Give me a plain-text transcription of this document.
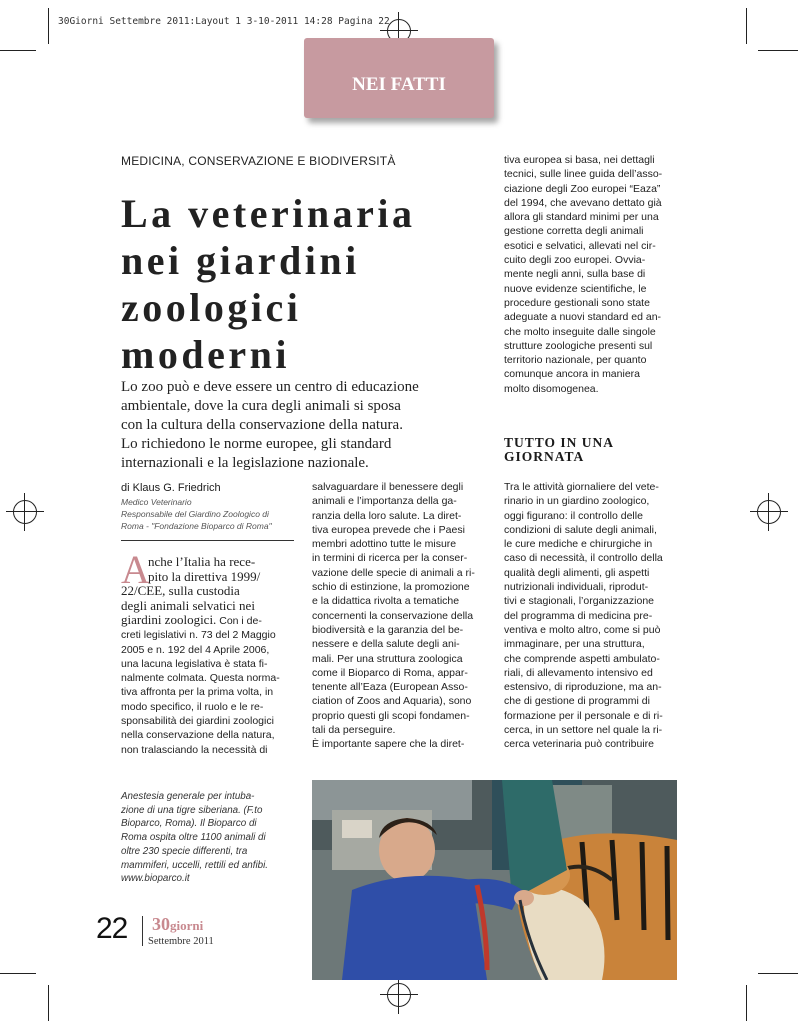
30Giorni Settembre 2011:Layout 1 3-10-2011 14:28 Pagina 22
NEI FATTI
MEDICINA, CONSERVAZIONE E BIODIVERSITÀ
La veterinaria
nei giardini
zoologici
moderni
Lo zoo può e deve essere un centro di educazione
ambientale, dove la cura degli animali si sposa
con la cultura della conservazione della natura.
Lo richiedono le norme europee, gli standard
internazionali e la legislazione nazionale.
di Klaus G. Friedrich
Medico Veterinario
Responsabile del Giardino Zoologico di
Roma - "Fondazione Bioparco di Roma"
A
nche l’Italia ha rece-
pito la direttiva 1999/
22/CEE, sulla custodia
degli animali selvatici nei
giardini zoologici. Con i de-
creti legislativi n. 73 del 2 Maggio
2005 e n. 192 del 4 Aprile 2006,
una lacuna legislativa è stata fi-
nalmente colmata. Questa norma-
tiva affronta per la prima volta, in
modo specifico, il ruolo e le re-
sponsabilità dei giardini zoologici
nella conservazione della natura,
non tralasciando la necessità di
salvaguardare il benessere degli
animali e l’importanza della ga-
ranzia della loro salute. La diret-
tiva europea prevede che i Paesi
membri adottino tutte le misure
in termini di ricerca per la conser-
vazione delle specie di animali a ri-
schio di estinzione, la promozione
e la didattica rivolta a tematiche
concernenti la conservazione della
biodiversità e la garanzia del be-
nessere e della salute degli ani-
mali. Per una struttura zoologica
come il Bioparco di Roma, appar-
tenente all’Eaza (European Asso-
ciation of Zoos and Aquaria), sono
proprio questi gli scopi fondamen-
tali da perseguire.
È importante sapere che la diret-
tiva europea si basa, nei dettagli
tecnici, sulle linee guida dell’asso-
ciazione degli Zoo europei “Eaza”
del 1994, che avevano dettato già
allora gli standard minimi per una
gestione corretta degli animali
esotici e selvatici, allevati nel cir-
cuito degli zoo europei. Ovvia-
mente negli anni, sulla base di
nuove evidenze scientifiche, le
procedure gestionali sono state
adeguate a nuovi standard ed an-
che molto inseguite dalle singole
strutture zoologiche presenti sul
territorio nazionale, per quanto
comunque ancora in maniera
molto disomogenea.
TUTTO IN UNA
GIORNATA
Tra le attività giornaliere del vete-
rinario in un giardino zoologico,
oggi figurano: il controllo delle
condizioni di salute degli animali,
le cure mediche e chirurgiche in
caso di necessità, il controllo della
qualità degli alimenti, gli aspetti
nutrizionali individuali, riprodut-
tivi e stagionali, l’organizzazione
del programma di medicina pre-
ventiva e molto altro, come si può
immaginare, per una struttura,
che comprende aspetti ambulato-
riali, di allevamento intensivo ed
estensivo, di riproduzione, ma an-
che di gestione di programmi di
formazione per il personale e di ri-
cerca, in un settore nel quale la ri-
cerca veterinaria può contribuire
Anestesia generale per intuba-
zione di una tigre siberiana. (F.to
Bioparco, Roma). Il Bioparco di
Roma ospita oltre 1100 animali di
oltre 230 specie differenti, tra
mammiferi, uccelli, rettili ed anfibi.
www.bioparco.it
22 30giorni
Settembre 2011
